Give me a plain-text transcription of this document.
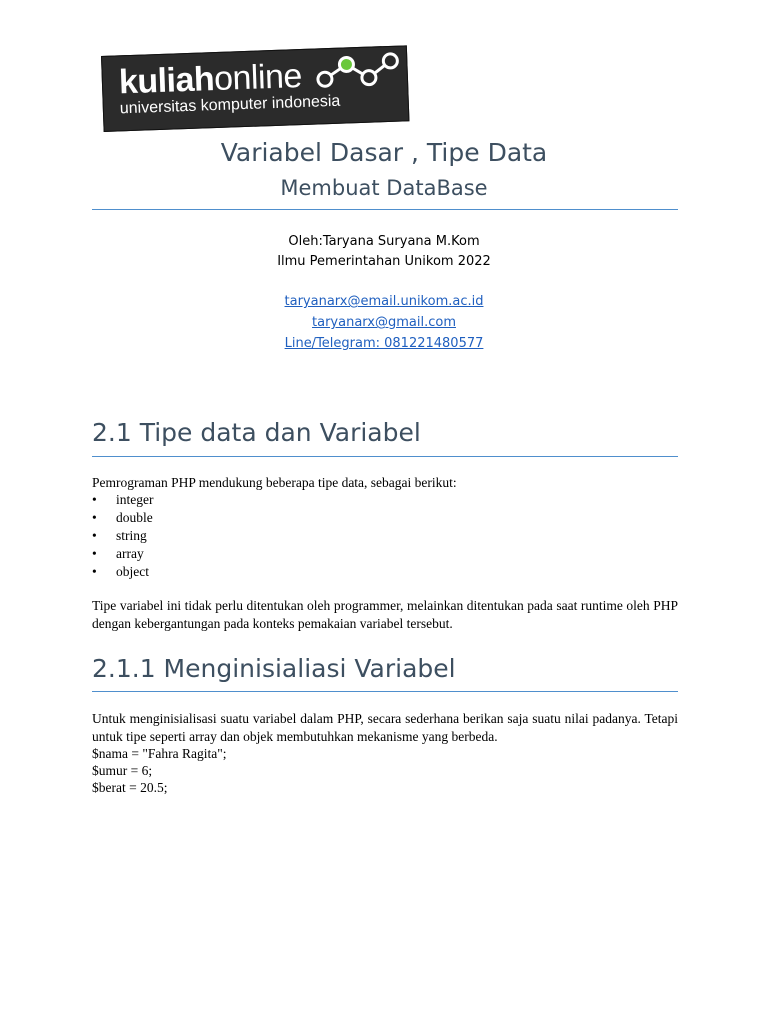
kuliahonline
universitas komputer indonesia
Variabel Dasar , Tipe Data
Membuat DataBase
Oleh:Taryana Suryana M.Kom
Ilmu Pemerintahan Unikom 2022
taryanarx@email.unikom.ac.id
taryanarx@gmail.com
Line/Telegram: 081221480577
2.1 Tipe data dan Variabel
Pemrograman PHP mendukung beberapa tipe data, sebagai berikut:
• integer
• double
• string
• array
• object
Tipe variabel ini tidak perlu ditentukan oleh programmer, melainkan ditentukan pada saat runtime oleh PHP dengan kebergantungan pada konteks pemakaian variabel tersebut.
2.1.1 Menginisialiasi Variabel
Untuk menginisialisasi suatu variabel dalam PHP, secara sederhana berikan saja suatu nilai padanya. Tetapi untuk tipe seperti array dan objek membutuhkan mekanisme yang berbeda.
$nama = "Fahra Ragita";
$umur = 6;
$berat = 20.5;
